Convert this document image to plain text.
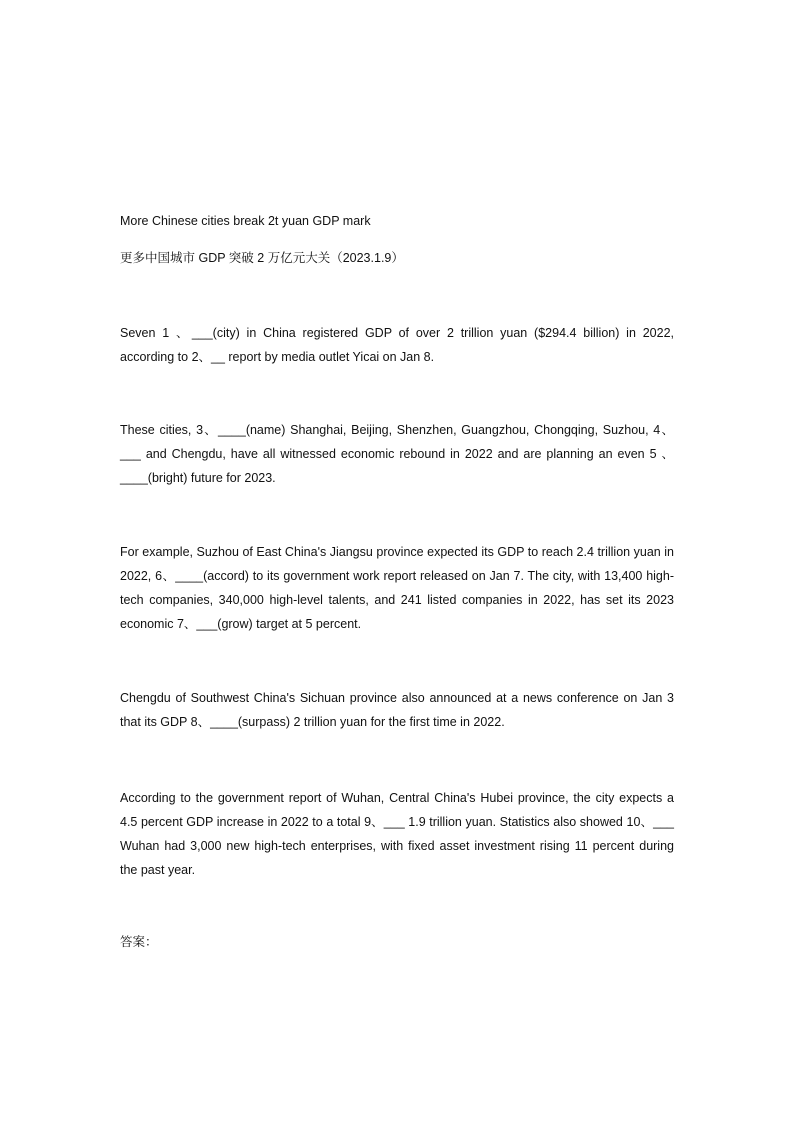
More Chinese cities break 2t yuan GDP mark
更多中国城市 GDP 突破 2 万亿元大关（2023.1.9）

Seven 1 、___(city) in China registered GDP of over 2 trillion yuan ($294.4 billion) in 2022, according to 2、__ report by media outlet Yicai on Jan 8.

These cities, 3、____(name) Shanghai, Beijing, Shenzhen, Guangzhou, Chongqing, Suzhou, 4、___ and Chengdu, have all witnessed economic rebound in 2022 and are planning an even 5 、____(bright) future for 2023.

For example, Suzhou of East China's Jiangsu province expected its GDP to reach 2.4 trillion yuan in 2022, 6、____(accord) to its government work report released on Jan 7. The city, with 13,400 high-tech companies, 340,000 high-level talents, and 241 listed companies in 2022, has set its 2023 economic 7、___(grow) target at 5 percent.

Chengdu of Southwest China's Sichuan province also announced at a news conference on Jan 3 that its GDP 8、____(surpass) 2 trillion yuan for the first time in 2022.

According to the government report of Wuhan, Central China's Hubei province, the city expects a 4.5 percent GDP increase in 2022 to a total 9、___ 1.9 trillion yuan. Statistics also showed 10、___ Wuhan had 3,000 new high-tech enterprises, with fixed asset investment rising 11 percent during the past year.

答案：
